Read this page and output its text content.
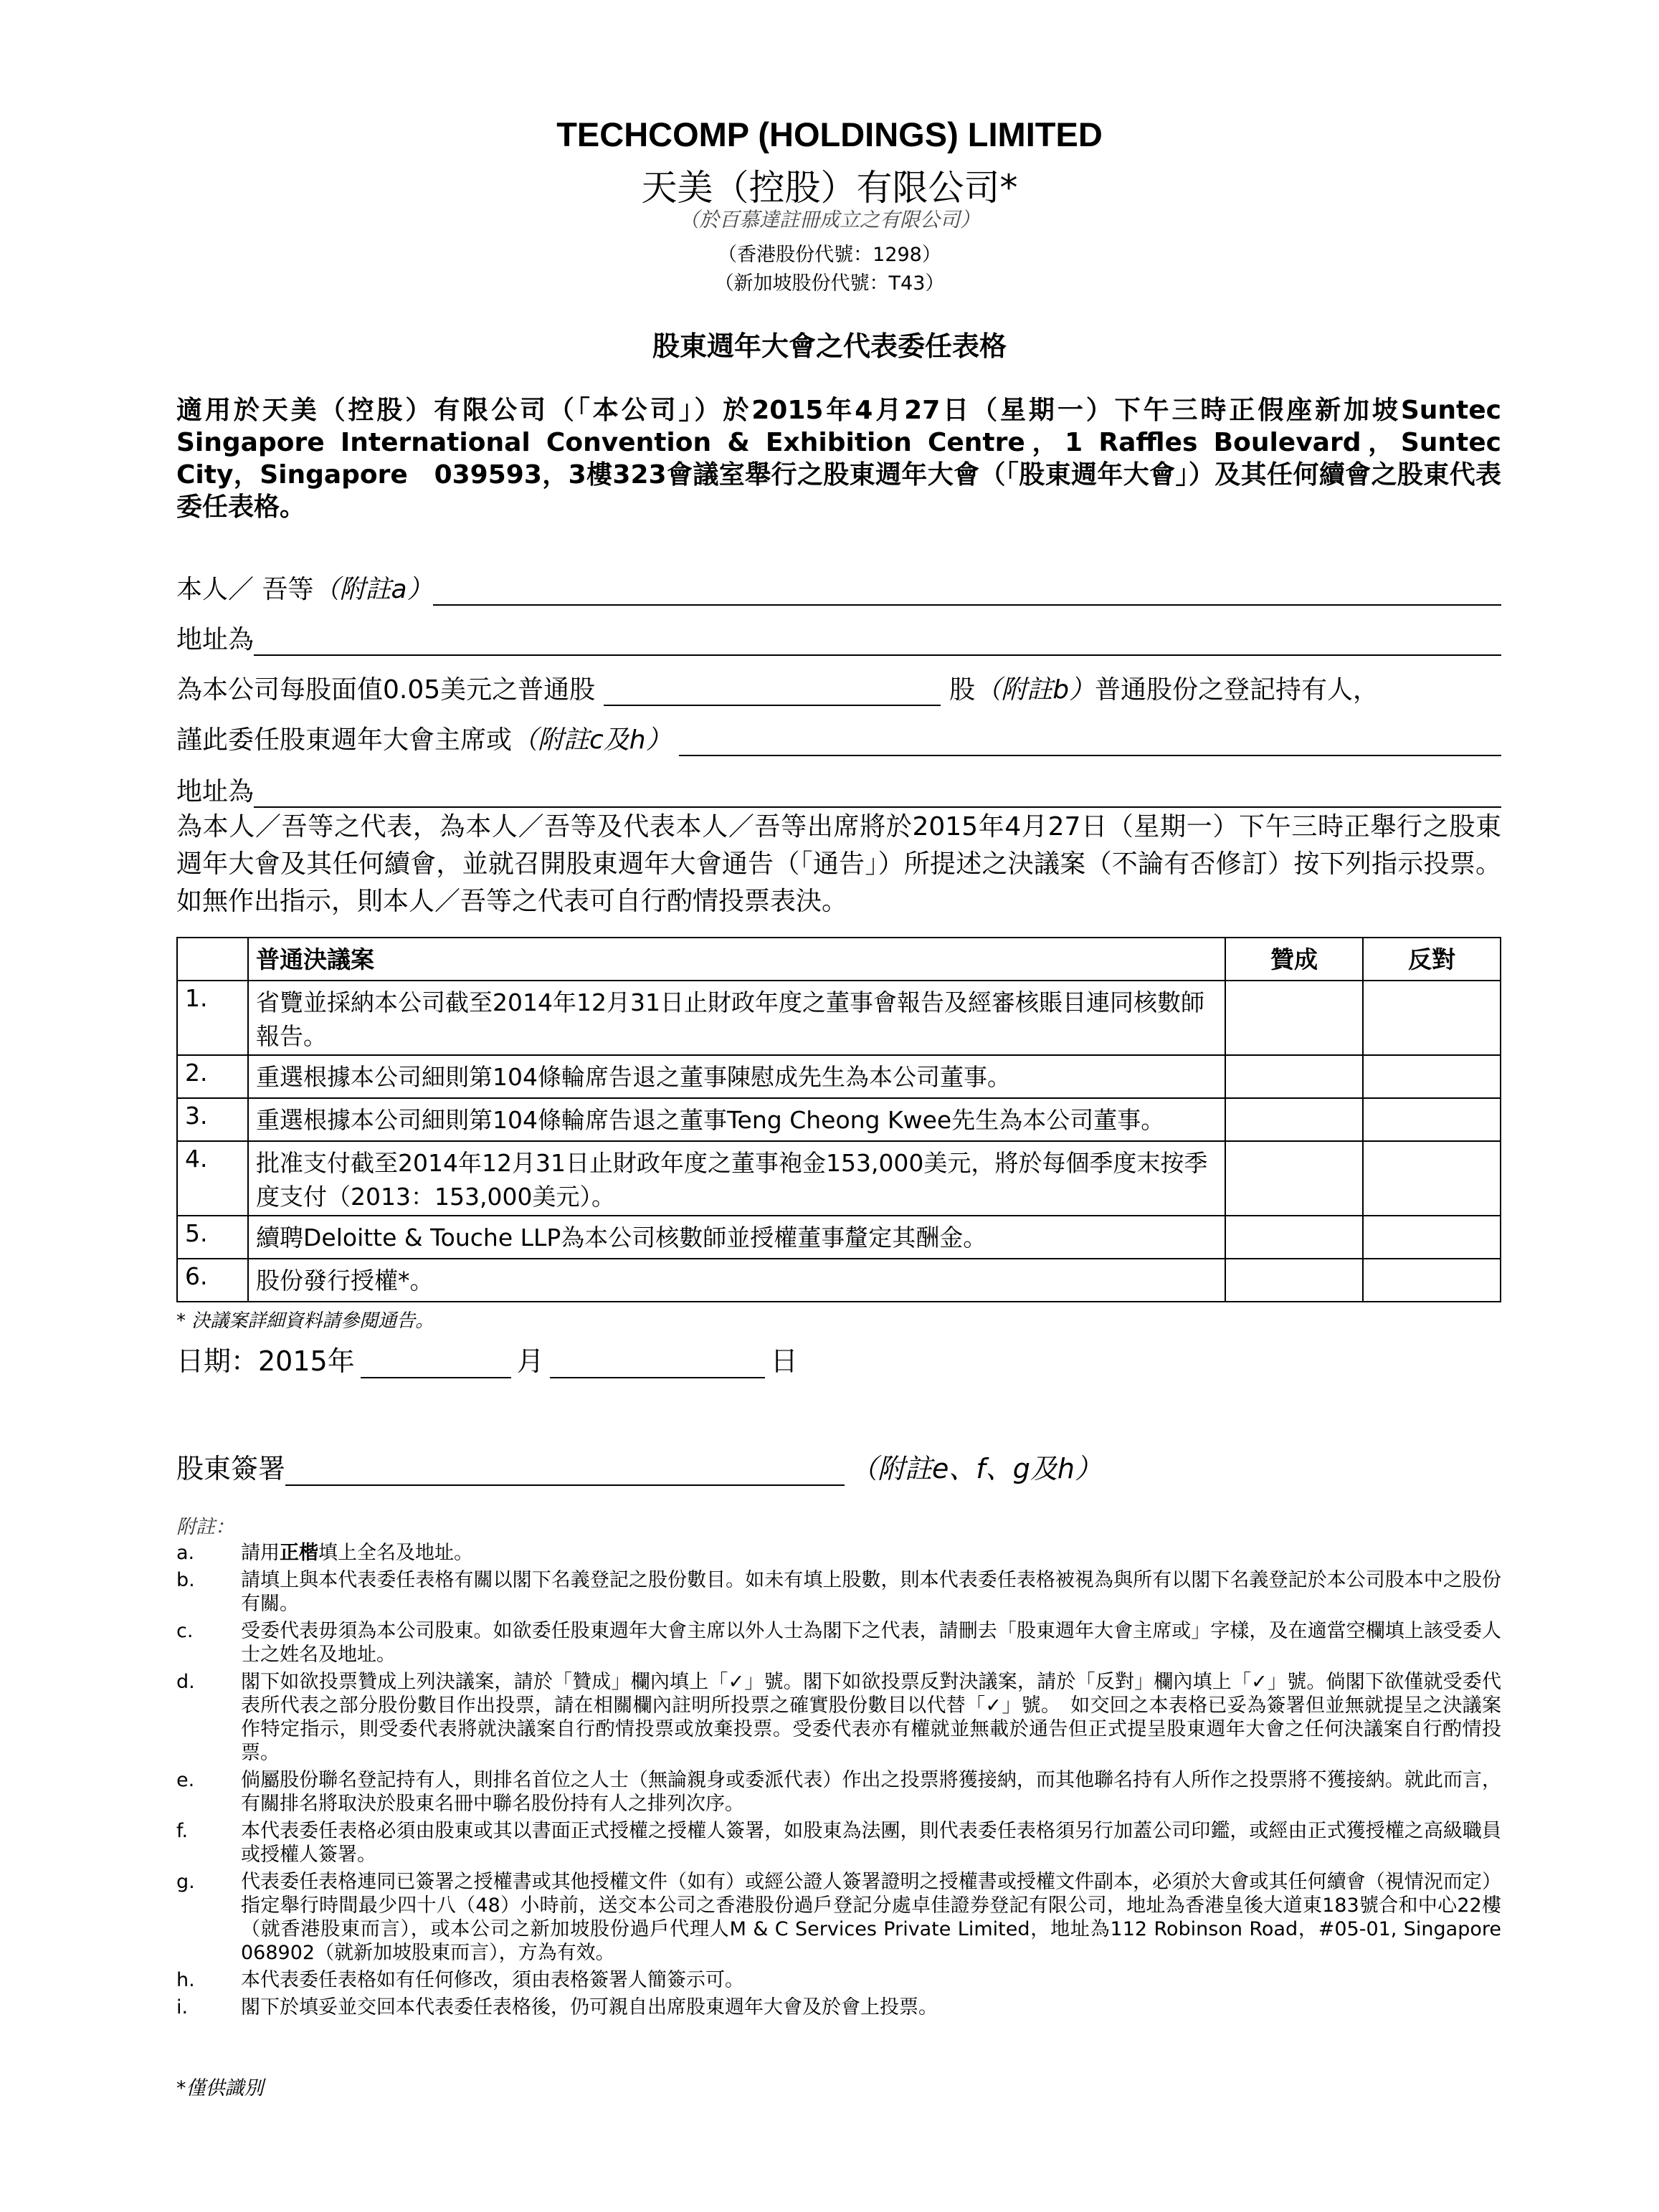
TECHCOMP (HOLDINGS) LIMITED
天美（控股）有限公司*
（於百慕達註冊成立之有限公司）
（香港股份代號：1298）
（新加坡股份代號：T43）
股東週年大會之代表委任表格
適用於天美（控股）有限公司（「本公司」）於2015年4月27日（星期一）下午三時正假座新加坡Suntec Singapore International Convention & Exhibition Centre，1 Raffles Boulevard，Suntec City，Singapore　039593，3樓323會議室舉行之股東週年大會（「股東週年大會」）及其任何續會之股東代表委任表格。
本人／ 吾等 （附註a）
地址為
為本公司每股面值0.05美元之普通股	股 （附註b） 普通股份之登記持有人，
謹此委任股東週年大會主席或 （附註c及h）
地址為
為本人／吾等之代表，為本人／吾等及代表本人／吾等出席將於2015年4月27日（星期一）下午三時正舉行之股東週年大會及其任何續會，並就召開股東週年大會通告（「通告」）所提述之決議案（不論有否修訂）按下列指示投票。如無作出指示，則本人／吾等之代表可自行酌情投票表決。
	普通決議案	贊成	反對
1.	省覽並採納本公司截至2014年12月31日止財政年度之董事會報告及經審核賬目連同核數師報告。		
2.	重選根據本公司細則第104條輪席告退之董事陳慰成先生為本公司董事。		
3.	重選根據本公司細則第104條輪席告退之董事Teng Cheong Kwee先生為本公司董事。		
4.	批准支付截至2014年12月31日止財政年度之董事袍金153,000美元，將於每個季度末按季度支付（2013：153,000美元）。		
5.	續聘Deloitte & Touche LLP為本公司核數師並授權董事釐定其酬金。		
6.	股份發行授權*。		
* 決議案詳細資料請參閱通告。
日期：2015年	月	日
股東簽署	（附註e、f、g及h）
附註：
a.	請用正楷填上全名及地址。
b.	請填上與本代表委任表格有關以閣下名義登記之股份數目。如未有填上股數，則本代表委任表格被視為與所有以閣下名義登記於本公司股本中之股份有關。
c.	受委代表毋須為本公司股東。如欲委任股東週年大會主席以外人士為閣下之代表，請刪去「股東週年大會主席或」字樣，及在適當空欄填上該受委人士之姓名及地址。
d.	閣下如欲投票贊成上列決議案，請於「贊成」欄內填上「✓」號。閣下如欲投票反對決議案，請於「反對」欄內填上「✓」號。倘閣下欲僅就受委代表所代表之部分股份數目作出投票，請在相關欄內註明所投票之確實股份數目以代替「✓」號。　如交回之本表格已妥為簽署但並無就提呈之決議案作特定指示，則受委代表將就決議案自行酌情投票或放棄投票。受委代表亦有權就並無載於通告但正式提呈股東週年大會之任何決議案自行酌情投票。
e.	倘屬股份聯名登記持有人，則排名首位之人士（無論親身或委派代表）作出之投票將獲接納，而其他聯名持有人所作之投票將不獲接納。就此而言，有關排名將取決於股東名冊中聯名股份持有人之排列次序。
f.	本代表委任表格必須由股東或其以書面正式授權之授權人簽署，如股東為法團，則代表委任表格須另行加蓋公司印鑑，或經由正式獲授權之高級職員或授權人簽署。
g.	代表委任表格連同已簽署之授權書或其他授權文件（如有）或經公證人簽署證明之授權書或授權文件副本，必須於大會或其任何續會（視情況而定）指定舉行時間最少四十八（48）小時前，送交本公司之香港股份過戶登記分處卓佳證券登記有限公司，地址為香港皇後大道東183號合和中心22樓（就香港股東而言），或本公司之新加坡股份過戶代理人M & C Services Private Limited，地址為112 Robinson Road，#05-01, Singapore 068902（就新加坡股東而言），方為有效。
h.	本代表委任表格如有任何修改，須由表格簽署人簡簽示可。
i.	閣下於填妥並交回本代表委任表格後，仍可親自出席股東週年大會及於會上投票。
*僅供識別
